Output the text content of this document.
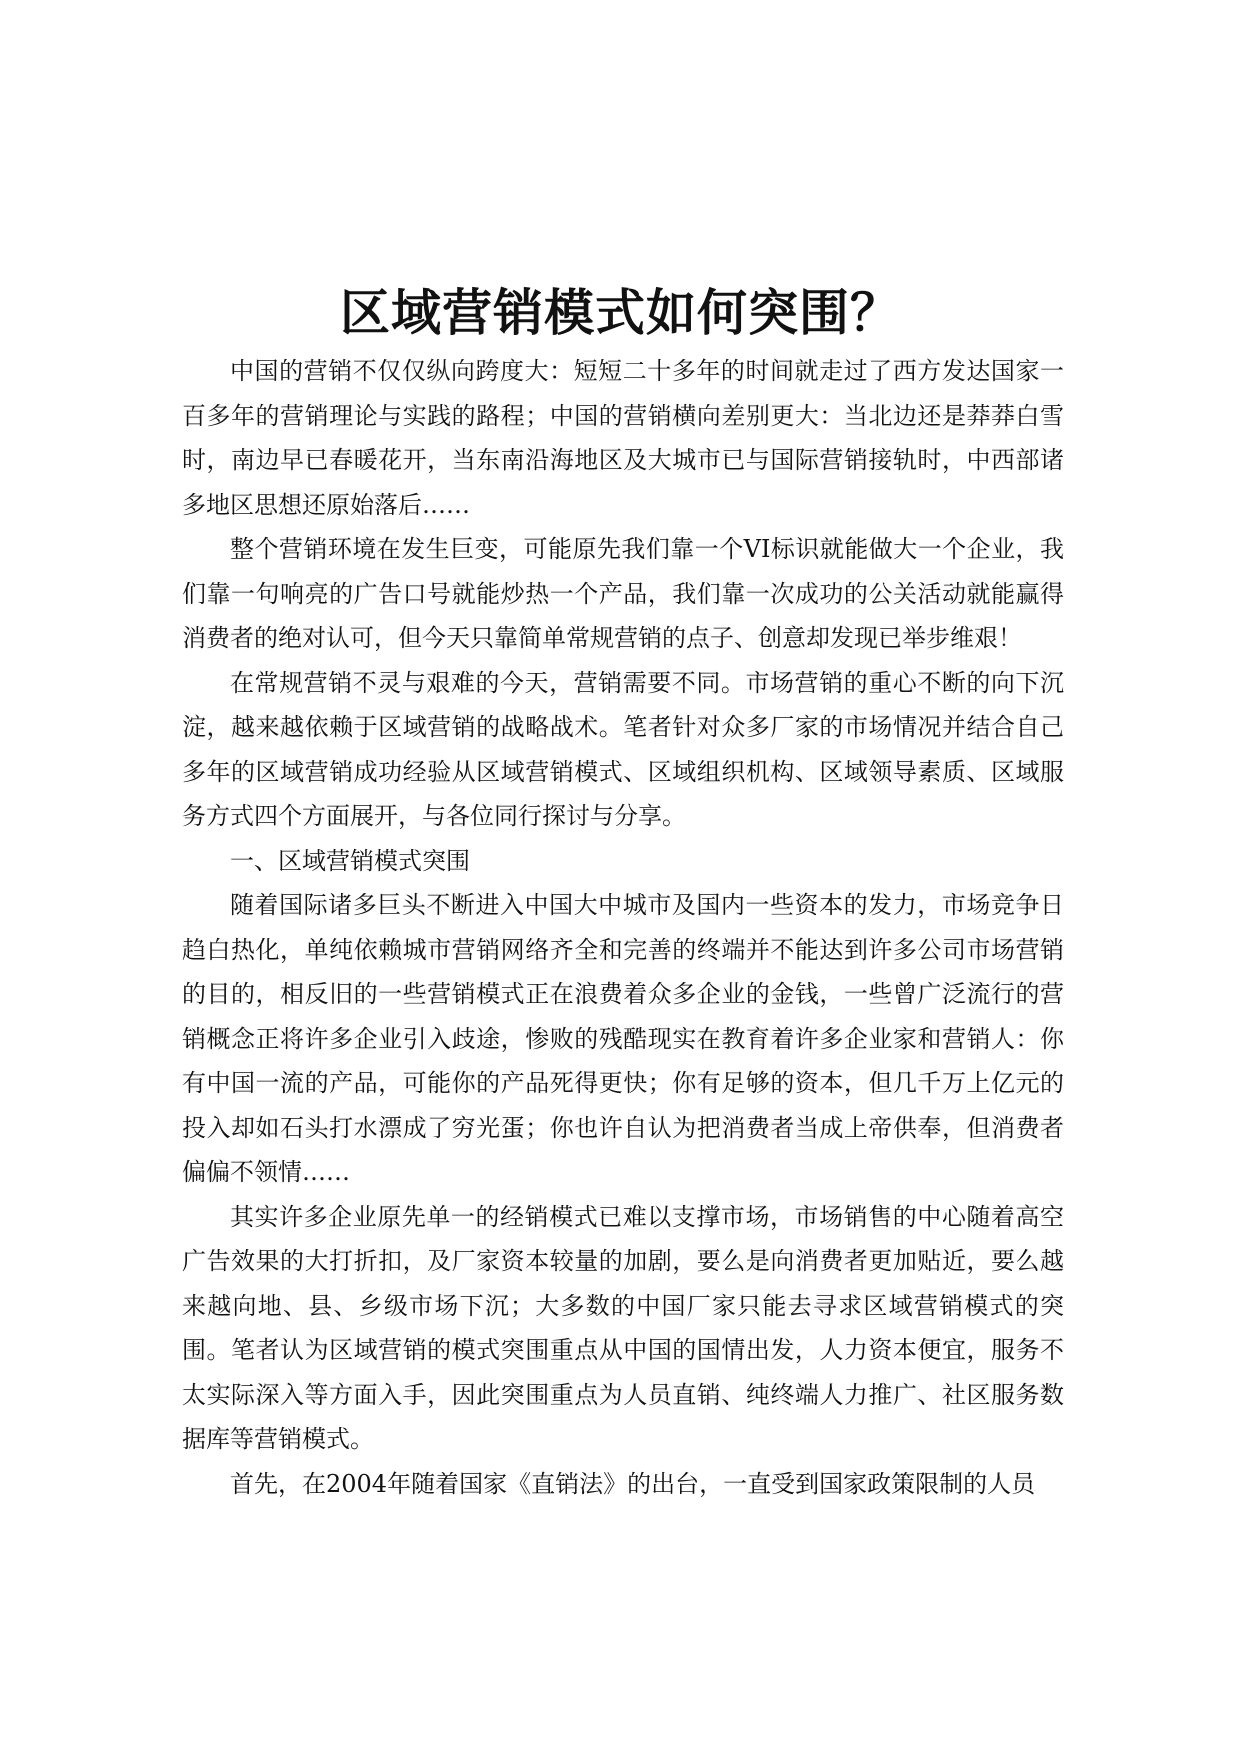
区域营销模式如何突围？

中国的营销不仅仅纵向跨度大：短短二十多年的时间就走过了西方发达国家一百多年的营销理论与实践的路程；中国的营销横向差别更大：当北边还是莽莽白雪时，南边早已春暖花开，当东南沿海地区及大城市已与国际营销接轨时，中西部诸多地区思想还原始落后……

整个营销环境在发生巨变，可能原先我们靠一个VI标识就能做大一个企业，我们靠一句响亮的广告口号就能炒热一个产品，我们靠一次成功的公关活动就能赢得消费者的绝对认可，但今天只靠简单常规营销的点子、创意却发现已举步维艰！

在常规营销不灵与艰难的今天，营销需要不同。市场营销的重心不断的向下沉淀，越来越依赖于区域营销的战略战术。笔者针对众多厂家的市场情况并结合自己多年的区域营销成功经验从区域营销模式、区域组织机构、区域领导素质、区域服务方式四个方面展开，与各位同行探讨与分享。

一、区域营销模式突围

随着国际诸多巨头不断进入中国大中城市及国内一些资本的发力，市场竞争日趋白热化，单纯依赖城市营销网络齐全和完善的终端并不能达到许多公司市场营销的目的，相反旧的一些营销模式正在浪费着众多企业的金钱，一些曾广泛流行的营销概念正将许多企业引入歧途，惨败的残酷现实在教育着许多企业家和营销人：你有中国一流的产品，可能你的产品死得更快；你有足够的资本，但几千万上亿元的投入却如石头打水漂成了穷光蛋；你也许自认为把消费者当成上帝供奉，但消费者偏偏不领情……

其实许多企业原先单一的经销模式已难以支撑市场，市场销售的中心随着高空广告效果的大打折扣，及厂家资本较量的加剧，要么是向消费者更加贴近，要么越来越向地、县、乡级市场下沉；大多数的中国厂家只能去寻求区域营销模式的突围。笔者认为区域营销的模式突围重点从中国的国情出发，人力资本便宜，服务不太实际深入等方面入手，因此突围重点为人员直销、纯终端人力推广、社区服务数据库等营销模式。

首先，在2004年随着国家《直销法》的出台，一直受到国家政策限制的人员
